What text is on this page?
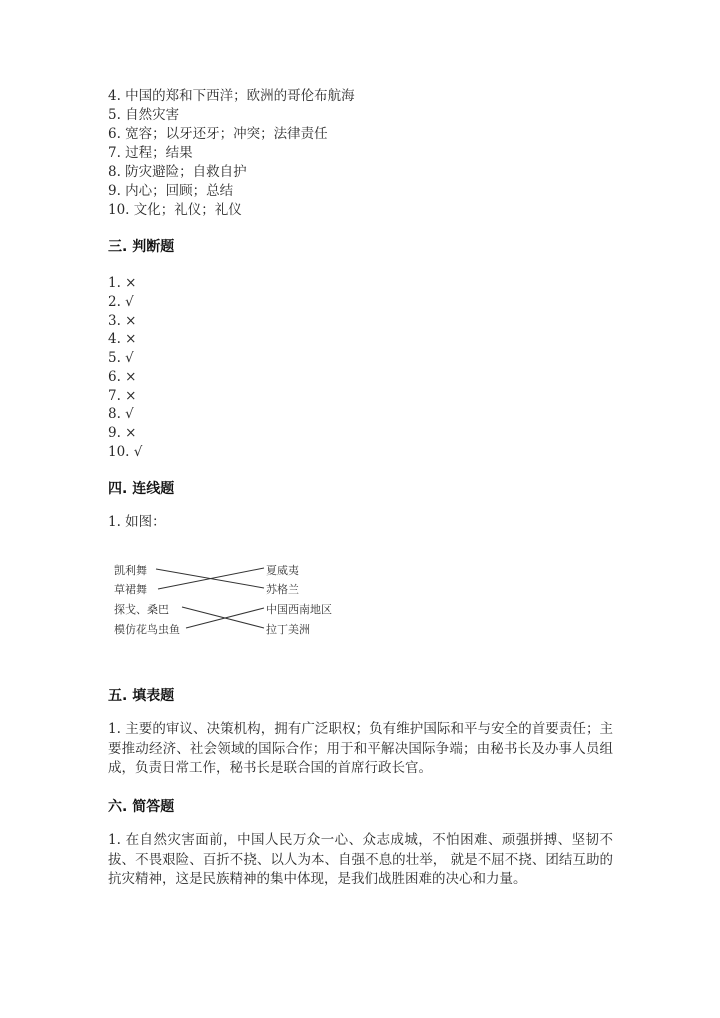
4. 中国的郑和下西洋；欧洲的哥伦布航海
5. 自然灾害
6. 宽容；以牙还牙；冲突；法律责任
7. 过程；结果
8. 防灾避险；自救自护
9. 内心；回顾；总结
10. 文化；礼仪；礼仪
三. 判断题
1. ×
2. √
3. ×
4. ×
5. √
6. ×
7. ×
8. √
9. ×
10. √
四. 连线题
1. 如图：
凯利舞
草裙舞
探戈、桑巴
模仿花鸟虫鱼
夏威夷
苏格兰
中国西南地区
拉丁美洲
五. 填表题
1. 主要的审议、决策机构，拥有广泛职权；负有维护国际和平与安全的首要责任；主要推动经济、社会领域的国际合作；用于和平解决国际争端；由秘书长及办事人员组成，负责日常工作，秘书长是联合国的首席行政长官。
六. 简答题
1. 在自然灾害面前，中国人民万众一心、众志成城，不怕困难、顽强拼搏、坚韧不拔、不畏艰险、百折不挠、以人为本、自强不息的壮举， 就是不屈不挠、团结互助的抗灾精神，这是民族精神的集中体现，是我们战胜困难的决心和力量。
